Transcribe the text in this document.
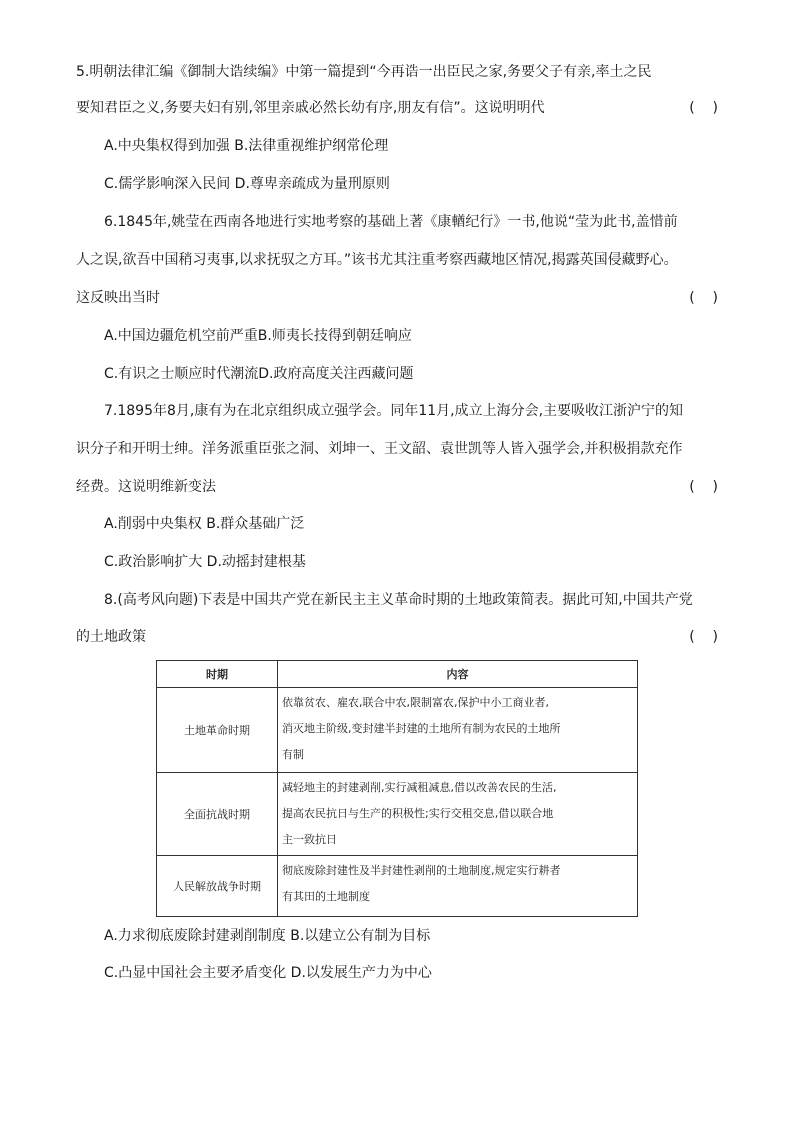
5.明朝法律汇编《御制大诰续编》中第一篇提到“今再诰一出臣民之家,务要父子有亲,率土之民
要知君臣之义,务要夫妇有别,邻里亲戚必然长幼有序,朋友有信”。这说明明代	(    )
A.中央集权得到加强 B.法律重视维护纲常伦理
C.儒学影响深入民间 D.尊卑亲疏成为量刑原则
6.1845年,姚莹在西南各地进行实地考察的基础上著《康輶纪行》一书,他说“莹为此书,盖惜前
人之误,欲吾中国稍习夷事,以求抚驭之方耳。”该书尤其注重考察西藏地区情况,揭露英国侵藏野心。
这反映出当时	(    )
A.中国边疆危机空前严重B.师夷长技得到朝廷响应
C.有识之士顺应时代潮流D.政府高度关注西藏问题
7.1895年8月,康有为在北京组织成立强学会。同年11月,成立上海分会,主要吸收江浙沪宁的知
识分子和开明士绅。洋务派重臣张之洞、刘坤一、王文韶、袁世凯等人皆入强学会,并积极捐款充作
经费。这说明维新变法	(    )
A.削弱中央集权 B.群众基础广泛
C.政治影响扩大 D.动摇封建根基
8.(高考风向题)下表是中国共产党在新民主主义革命时期的土地政策简表。据此可知,中国共产党
的土地政策	(    )
时期	内容
土地革命时期	依靠贫农、雇农,联合中农,限制富农,保护中小工商业者,
消灭地主阶级,变封建半封建的土地所有制为农民的土地所
有制

全面抗战时期	减轻地主的封建剥削,实行减租减息,借以改善农民的生活,
提高农民抗日与生产的积极性;实行交租交息,借以联合地
主一致抗日

人民解放战争时期	彻底废除封建性及半封建性剥削的土地制度,规定实行耕者
有其田的土地制度
A.力求彻底废除封建剥削制度 B.以建立公有制为目标
C.凸显中国社会主要矛盾变化 D.以发展生产力为中心
